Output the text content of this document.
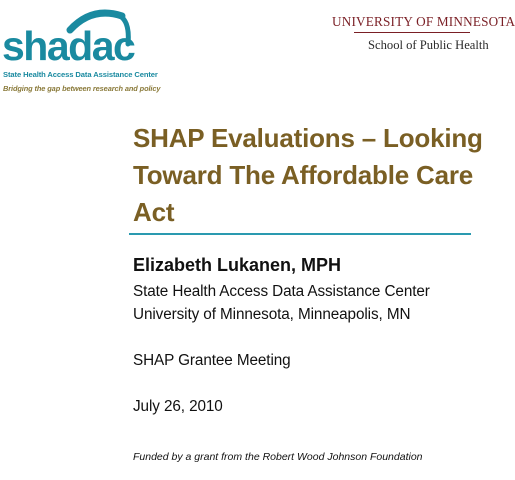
shadac
State Health Access Data Assistance Center
Bridging the gap between research and policy
UNIVERSITY OF MINNESOTA
School of Public Health
SHAP Evaluations – Looking
Toward The Affordable Care
Act
Elizabeth Lukanen, MPH
State Health Access Data Assistance Center
University of Minnesota, Minneapolis, MN
SHAP Grantee Meeting
July 26, 2010
Funded by a grant from the Robert Wood Johnson Foundation
